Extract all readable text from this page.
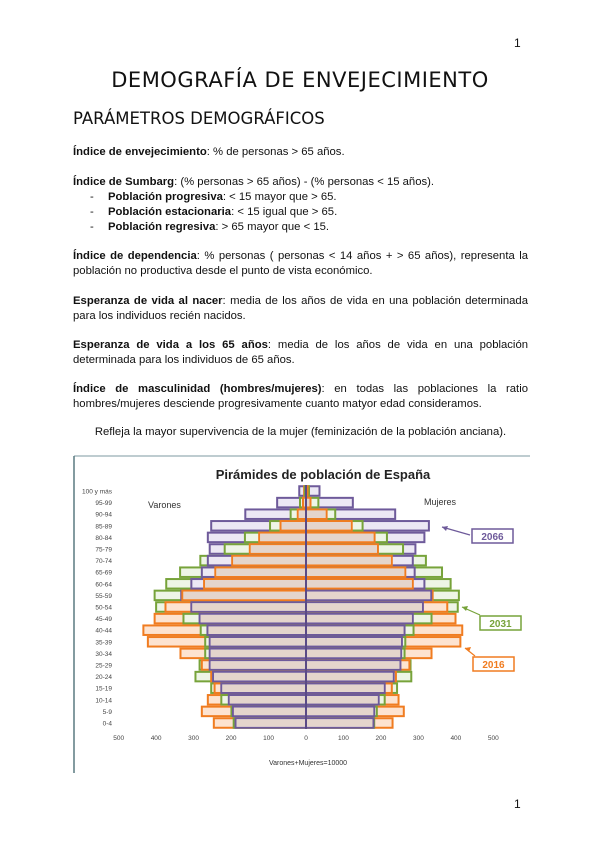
1
DEMOGRAFÍA DE ENVEJECIMIENTO
PARÁMETROS DEMOGRÁFICOS
Índice de envejecimiento: % de personas > 65 años.
Índice de Sumbarg: (% personas > 65 años) - (% personas < 15 años).
- Población progresiva: < 15 mayor que > 65.
- Población estacionaria: < 15 igual que > 65.
- Población regresiva: > 65 mayor que < 15.
Índice de dependencia: % personas ( personas < 14 años + > 65 años), representa la población no productiva desde el punto de vista económico.
Esperanza de vida al nacer: media de los años de vida en una población determinada para los individuos recién nacidos.
Esperanza de vida a los 65 años: media de los años de vida en una población determinada para los individuos de 65 años.
Índice de masculinidad (hombres/mujeres): en todas las poblaciones la ratio hombres/mujeres desciende progresivamente cuanto matyor edad consideramos.
Refleja la mayor supervivencia de la mujer (feminización de la población anciana).
Pirámides de población de España
Varones	Mujeres
100 y más
95-99
90-94
85-89
80-84
75-79
70-74
65-69
60-64
55-59
50-54
45-49
40-44
35-39
30-34
25-29
20-24
15-19
10-14
5-9
0-4
500	400	300	200	100	0	100	200	300	400	500
Varones+Mujeres=10000
2016
2031
2066
1
